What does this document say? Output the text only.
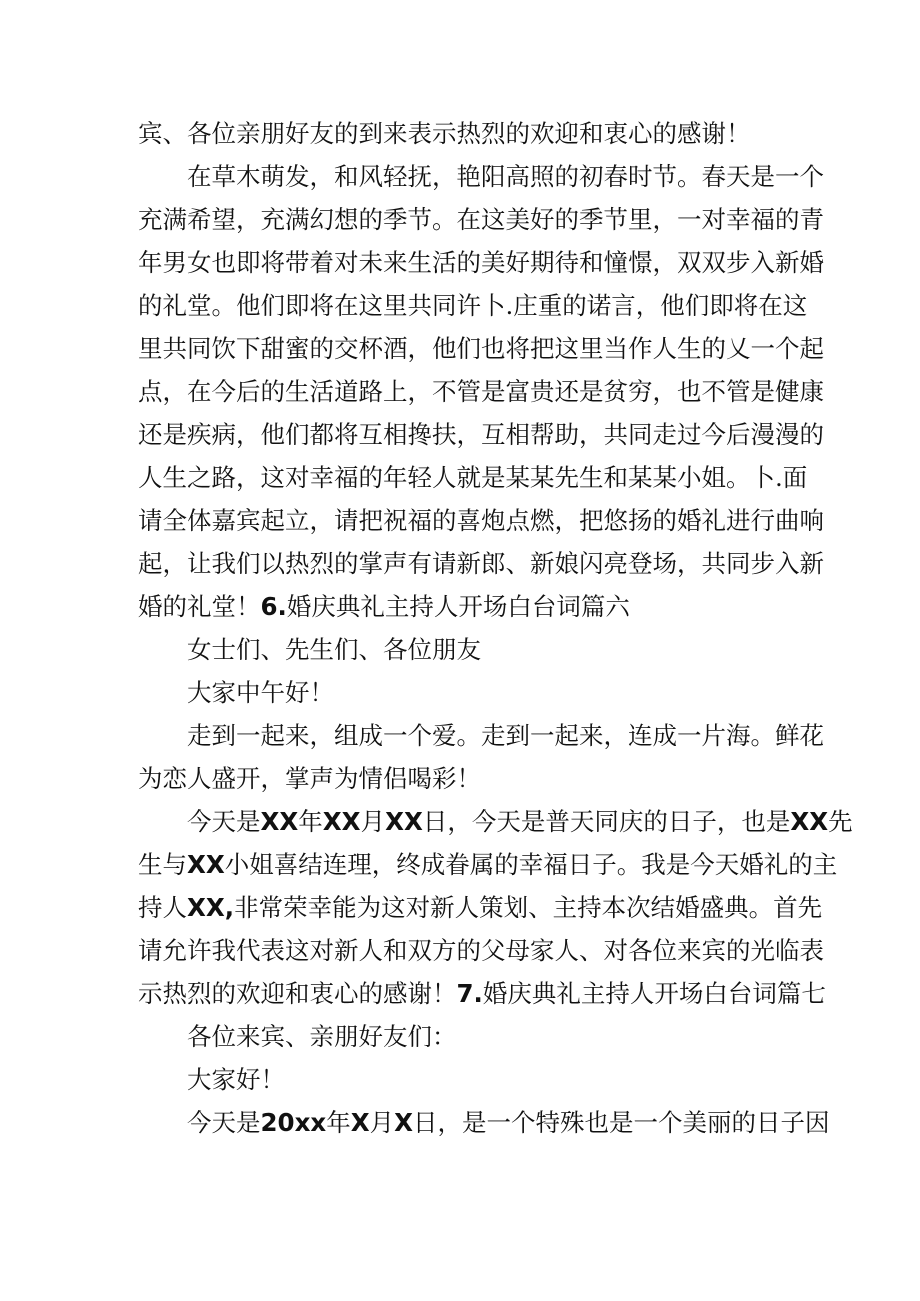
宾、各位亲朋好友的到来表示热烈的欢迎和衷心的感谢！
在草木萌发，和风轻抚，艳阳高照的初春时节。春天是一个
充满希望，充满幻想的季节。在这美好的季节里，一对幸福的青
年男女也即将带着对未来生活的美好期待和憧憬，双双步入新婚
的礼堂。他们即将在这里共同许卜.庄重的诺言，他们即将在这
里共同饮下甜蜜的交杯酒，他们也将把这里当作人生的乂一个起
点，在今后的生活道路上，不管是富贵还是贫穷，也不管是健康
还是疾病，他们都将互相搀扶，互相帮助，共同走过今后漫漫的
人生之路，这对幸福的年轻人就是某某先生和某某小姐。卜.面
请全体嘉宾起立，请把祝福的喜炮点燃，把悠扬的婚礼进行曲响
起，让我们以热烈的掌声有请新郎、新娘闪亮登场，共同步入新
婚的礼堂！6.婚庆典礼主持人开场白台词篇六
女士们、先生们、各位朋友
大家中午好！
走到一起来，组成一个爱。走到一起来，连成一片海。鲜花
为恋人盛开，掌声为情侣喝彩！
今天是XX年XX月XX日，今天是普天同庆的日子，也是XX先
生与XX小姐喜结连理，终成眷属的幸福日子。我是今天婚礼的主
持人XX,非常荣幸能为这对新人策划、主持本次结婚盛典。首先
请允许我代表这对新人和双方的父母家人、对各位来宾的光临表
示热烈的欢迎和衷心的感谢！7.婚庆典礼主持人开场白台词篇七
各位来宾、亲朋好友们：
大家好！
今天是20xx年X月X日，是一个特殊也是一个美丽的日子因
